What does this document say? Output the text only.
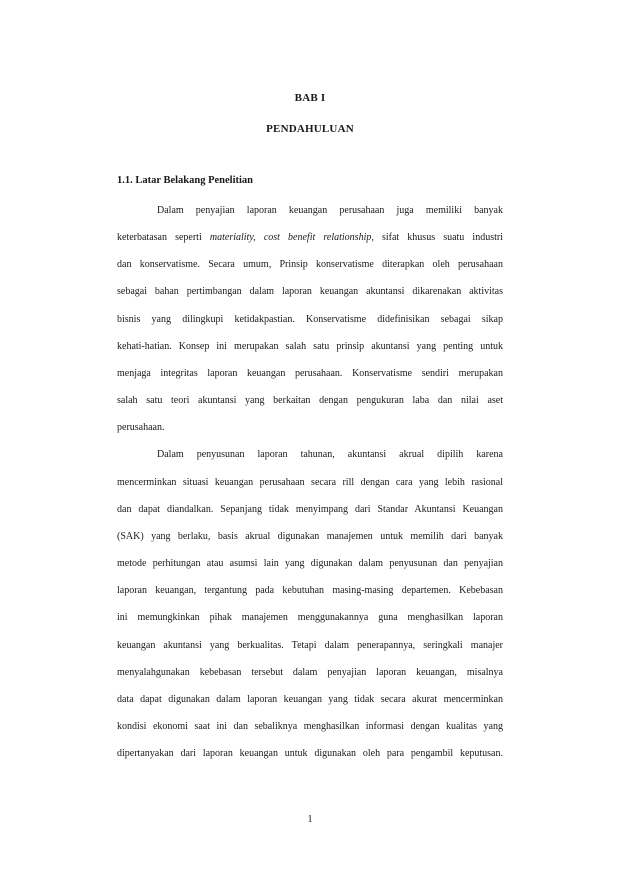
BAB I
PENDAHULUAN
1.1. Latar Belakang Penelitian
Dalam penyajian laporan keuangan perusahaan juga memiliki banyak
keterbatasan seperti materiality, cost benefit relationship, sifat khusus suatu industri
dan konservatisme. Secara umum, Prinsip konservatisme diterapkan oleh perusahaan
sebagai bahan pertimbangan dalam laporan keuangan akuntansi dikarenakan aktivitas
bisnis yang dilingkupi ketidakpastian. Konservatisme didefinisikan sebagai sikap
kehati-hatian. Konsep ini merupakan salah satu prinsip akuntansi yang penting untuk
menjaga integritas laporan keuangan perusahaan. Konservatisme sendiri merupakan
salah satu teori akuntansi yang berkaitan dengan pengukuran laba dan nilai aset
perusahaan.
Dalam penyusunan laporan tahunan, akuntansi akrual dipilih karena
mencerminkan situasi keuangan perusahaan secara rill dengan cara yang lebih rasional
dan dapat diandalkan. Sepanjang tidak menyimpang dari Standar Akuntansi Keuangan
(SAK) yang berlaku, basis akrual digunakan manajemen untuk memilih dari banyak
metode perhitungan atau asumsi lain yang digunakan dalam penyusunan dan penyajian
laporan keuangan, tergantung pada kebutuhan masing-masing departemen. Kebebasan
ini memungkinkan pihak manajemen menggunakannya guna menghasilkan laporan
keuangan akuntansi yang berkualitas. Tetapi dalam penerapannya, seringkali manajer
menyalahgunakan kebebasan tersebut dalam penyajian laporan keuangan, misalnya
data dapat digunakan dalam laporan keuangan yang tidak secara akurat mencerminkan
kondisi ekonomi saat ini dan sebaliknya menghasilkan informasi dengan kualitas yang
dipertanyakan dari laporan keuangan untuk digunakan oleh para pengambil keputusan.
1
